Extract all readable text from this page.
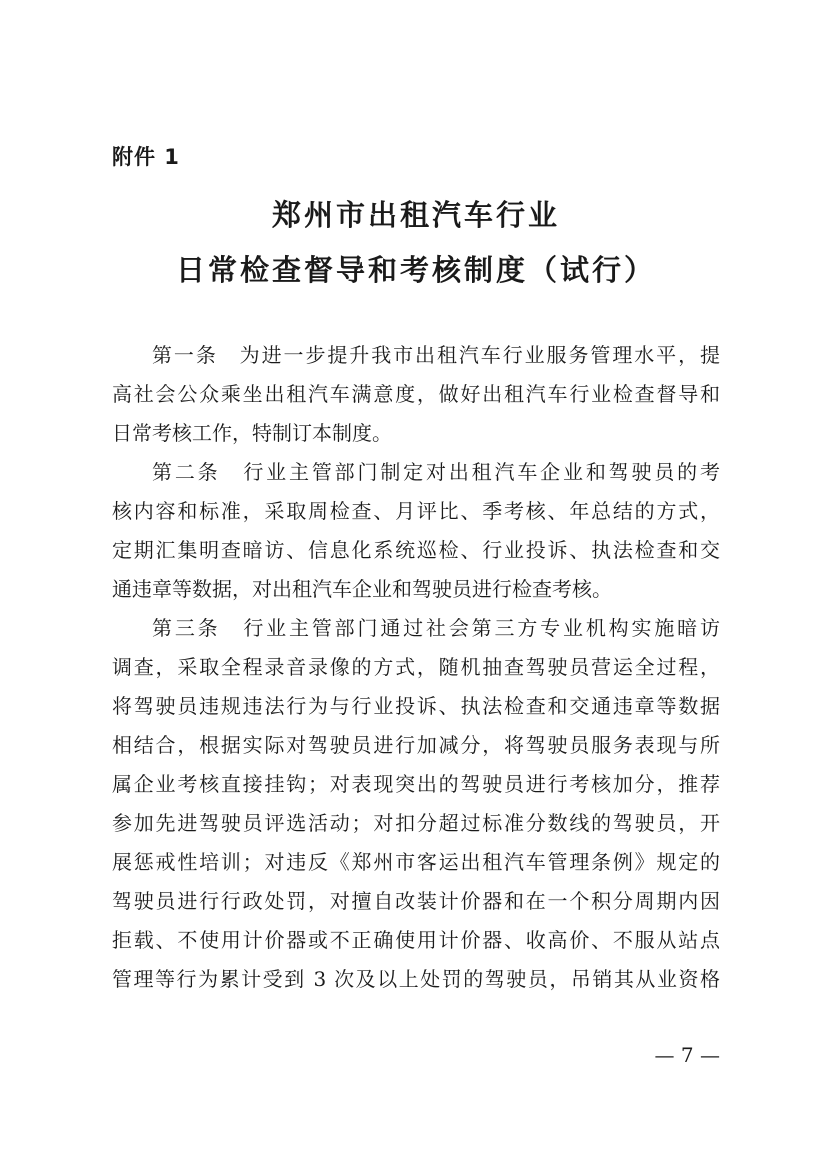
附件 1
郑州市出租汽车行业
日常检查督导和考核制度（试行）
第一条　为进一步提升我市出租汽车行业服务管理水平，提
高社会公众乘坐出租汽车满意度，做好出租汽车行业检查督导和
日常考核工作，特制订本制度。
第二条　行业主管部门制定对出租汽车企业和驾驶员的考
核内容和标准，采取周检查、月评比、季考核、年总结的方式，
定期汇集明查暗访、信息化系统巡检、行业投诉、执法检查和交
通违章等数据，对出租汽车企业和驾驶员进行检查考核。
第三条　行业主管部门通过社会第三方专业机构实施暗访
调查，采取全程录音录像的方式，随机抽查驾驶员营运全过程，
将驾驶员违规违法行为与行业投诉、执法检查和交通违章等数据
相结合，根据实际对驾驶员进行加减分，将驾驶员服务表现与所
属企业考核直接挂钩；对表现突出的驾驶员进行考核加分，推荐
参加先进驾驶员评选活动；对扣分超过标准分数线的驾驶员，开
展惩戒性培训；对违反《郑州市客运出租汽车管理条例》规定的
驾驶员进行行政处罚，对擅自改装计价器和在一个积分周期内因
拒载、不使用计价器或不正确使用计价器、收高价、不服从站点
管理等行为累计受到 3 次及以上处罚的驾驶员，吊销其从业资格
— 7 —
